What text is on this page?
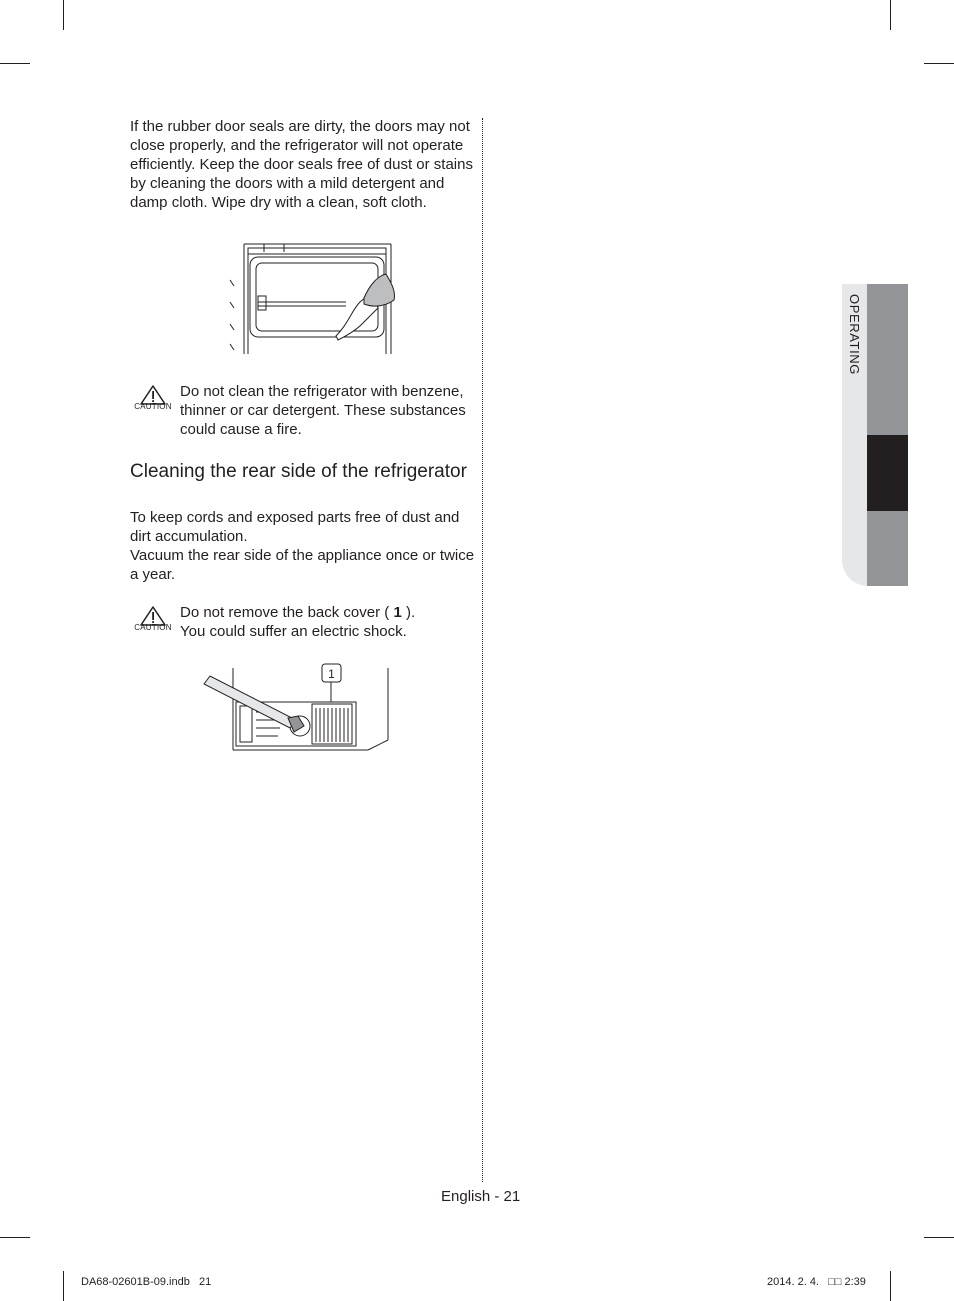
If the rubber door seals are dirty, the doors may not close properly, and the refrigerator will not operate efficiently. Keep the door seals free of dust or stains by cleaning the doors with a mild detergent and damp cloth. Wipe dry with a clean, soft cloth.

CAUTION

Do not clean the refrigerator with benzene, thinner or car detergent. These substances could cause a fire.

Cleaning the rear side of the refrigerator

To keep cords and exposed parts free of dust and dirt accumulation.

Vacuum the rear side of the appliance once or twice a year.

CAUTION

Do not remove the back cover ( 1 ).
You could suffer an electric shock.

1
OPERATING
English - 21
DA68-02601B-09.indb   21	2014. 2. 4.   □□ 2:39
